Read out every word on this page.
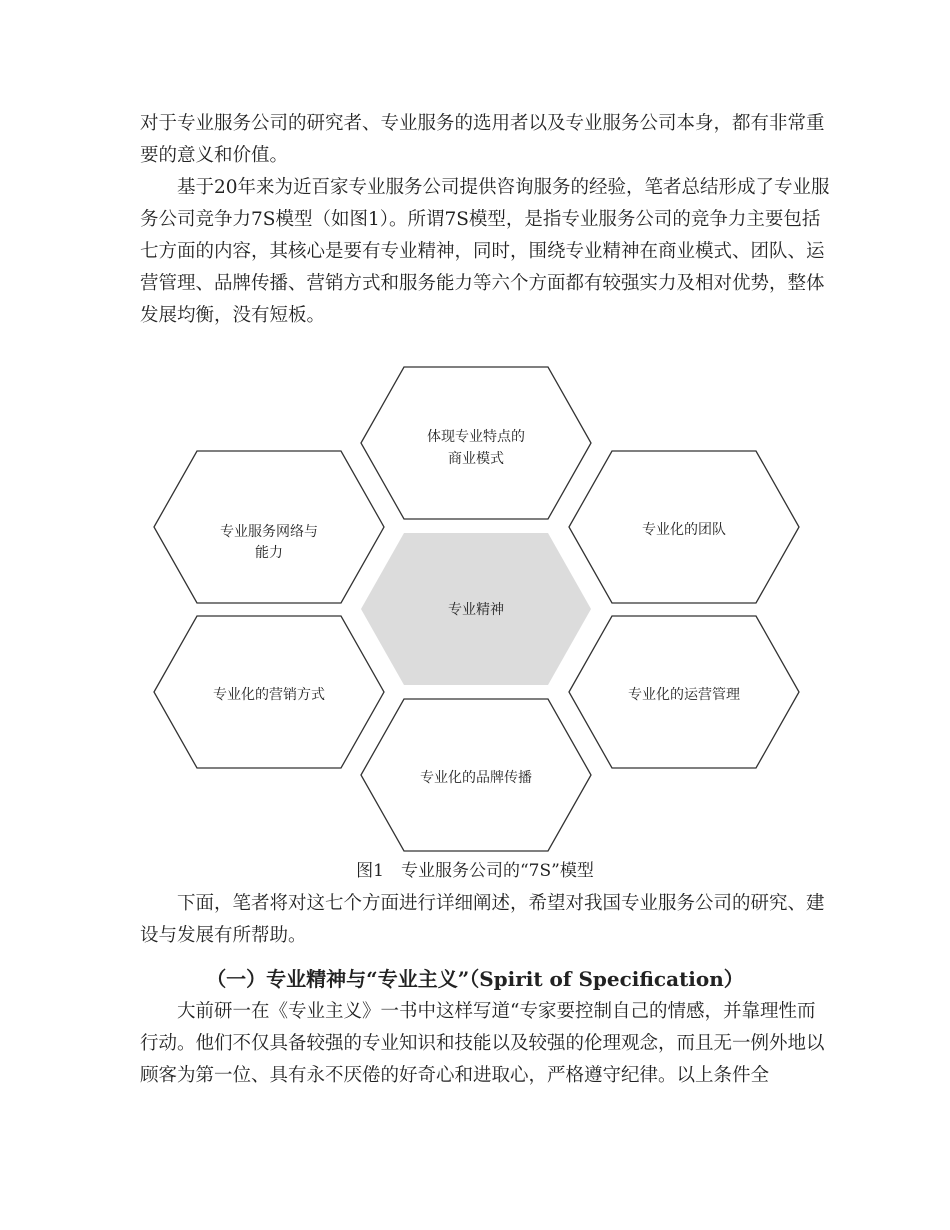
对于专业服务公司的研究者、专业服务的选用者以及专业服务公司本身，都有非常重要的意义和价值。

基于20年来为近百家专业服务公司提供咨询服务的经验，笔者总结形成了专业服务公司竞争力7S模型（如图1）。所谓7S模型，是指专业服务公司的竞争力主要包括七方面的内容，其核心是要有专业精神，同时，围绕专业精神在商业模式、团队、运营管理、品牌传播、营销方式和服务能力等六个方面都有较强实力及相对优势，整体发展均衡，没有短板。

体现专业特点的
商业模式
专业服务网络与
能力
专业化的团队
专业精神
专业化的营销方式	专业化的运营管理
专业化的品牌传播

图1　专业服务公司的“7S”模型

下面，笔者将对这七个方面进行详细阐述，希望对我国专业服务公司的研究、建设与发展有所帮助。

（一）专业精神与“专业主义”（Spirit of Specification）

大前研一在《专业主义》一书中这样写道“专家要控制自己的情感，并靠理性而行动。他们不仅具备较强的专业知识和技能以及较强的伦理观念，而且无一例外地以顾客为第一位、具有永不厌倦的好奇心和进取心，严格遵守纪律。以上条件全
